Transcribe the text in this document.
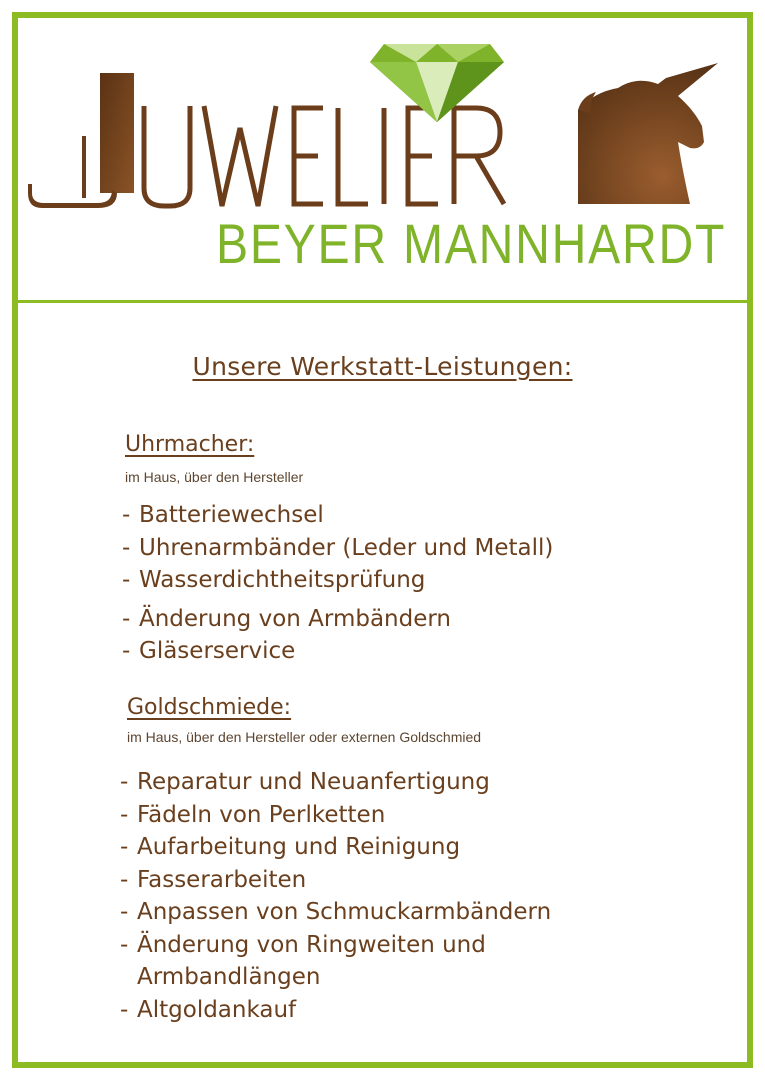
BEYER MANNHARDT
Unsere Werkstatt-Leistungen:
Uhrmacher:
im Haus, über den Hersteller
- Batteriewechsel
- Uhrenarmbänder (Leder und Metall)
- Wasserdichtheitsprüfung
- Änderung von Armbändern
- Gläserservice
Goldschmiede:
im Haus, über den Hersteller oder externen Goldschmied
- Reparatur und Neuanfertigung
- Fädeln von Perlketten
- Aufarbeitung und Reinigung
- Fasserarbeiten
- Anpassen von Schmuckarmbändern
- Änderung von Ringweiten und
Armbandlängen
- Altgoldankauf
